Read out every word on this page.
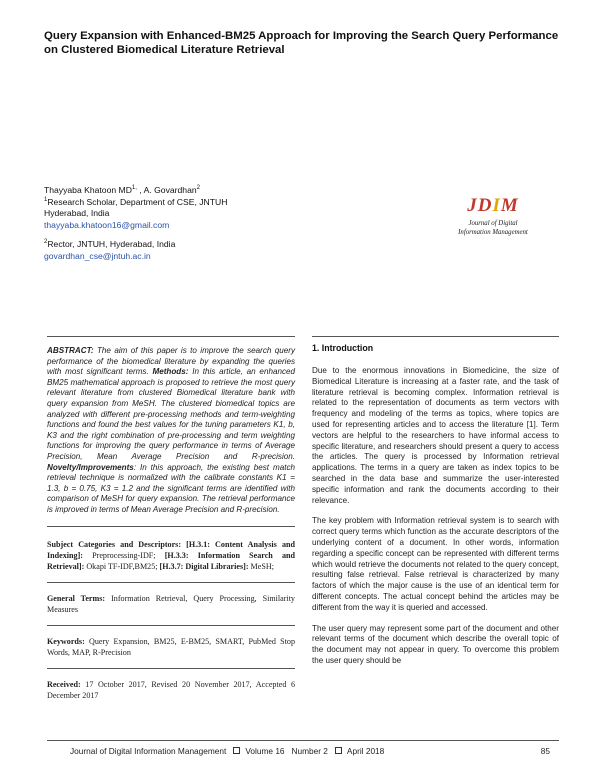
Query Expansion with Enhanced-BM25 Approach for Improving the Search Query Performance on Clustered Biomedical Literature Retrieval
Thayyaba Khatoon $MD^{1,}$ , A. Govardhan$^2$
$^1$Research Scholar, Department of CSE, JNTUH
Hyderabad, India
thayyaba.khatoon16@gmail.com
$^2$Rector, JNTUH, Hyderabad, India
govardhan_cse@jntuh.ac.in
JDIM
Journal of Digital
Information Management

ABSTRACT: The aim of this paper is to improve the search query performance of the biomedical literature by expanding the queries with most significant terms. Methods: In this article, an enhanced BM25 mathematical approach is proposed to retrieve the most query relevant literature from clustered Biomedical literature bank with query expansion from MeSH. The clustered biomedical topics are analyzed with different pre-processing methods and term-weighting functions and found the best values for the tuning parameters K1, b, K3 and the right combination of pre-processing and term weighting functions for improving the query performance in terms of Average Precision, Mean Average Precision and R-precision. Novelty/Improvements: In this approach, the existing best match retrieval technique is normalized with the calibrate constants K1 = 1.3, b = 0.75, K3 = 1.2 and the significant terms are identified with comparison of MeSH for query expansion. The retrieval performance is improved in terms of Mean Average Precision and R-precision.

Subject Categories and Descriptors: [H.3.1: Content Analysis and Indexing]: Preprocessing-IDF; [H.3.3: Information Search and Retrieval]: Okapi TF-IDF,BM25; [H.3.7: Digital Libraries]: MeSH;

General Terms: Information Retrieval, Query Processing, Similarity Measures

Keywords: Query Expansion, BM25, E-BM25, SMART, PubMed Stop Words, MAP, R-Precision

Received: 17 October 2017, Revised 20 November 2017, Accepted 6 December 2017

1. Introduction

Due to the enormous innovations in Biomedicine, the size of Biomedical Literature is increasing at a faster rate, and the task of literature retrieval is becoming complex. Information retrieval is related to the representation of documents as term vectors with frequency and modeling of the terms as topics, where topics are used for representing articles and to access the literature [1]. Term vectors are helpful to the researchers to have informal access to specific literature, and researchers should present a query to access the articles. The query is processed by Information retrieval applications. The terms in a query are taken as index topics to be searched in the data base and summarize the user-interested specific information and rank the documents according to their relevance.

The key problem with Information retrieval system is to search with correct query terms which function as the accurate descriptors of the underlying content of a document. In other words, information regarding a specific concept can be represented with different terms which would retrieve the documents not related to the query concept, resulting false retrieval. False retrieval is characterized by many factors of which the major cause is the use of an identical term for different concepts. The actual concept behind the articles may be different from the way it is queried and accessed.

The user query may represent some part of the document and other relevant terms of the document which describe the overall topic of the document may not appear in query. To overcome this problem the user query should be

Journal of Digital Information Management Volume 16 Number 2 April 2018	85
